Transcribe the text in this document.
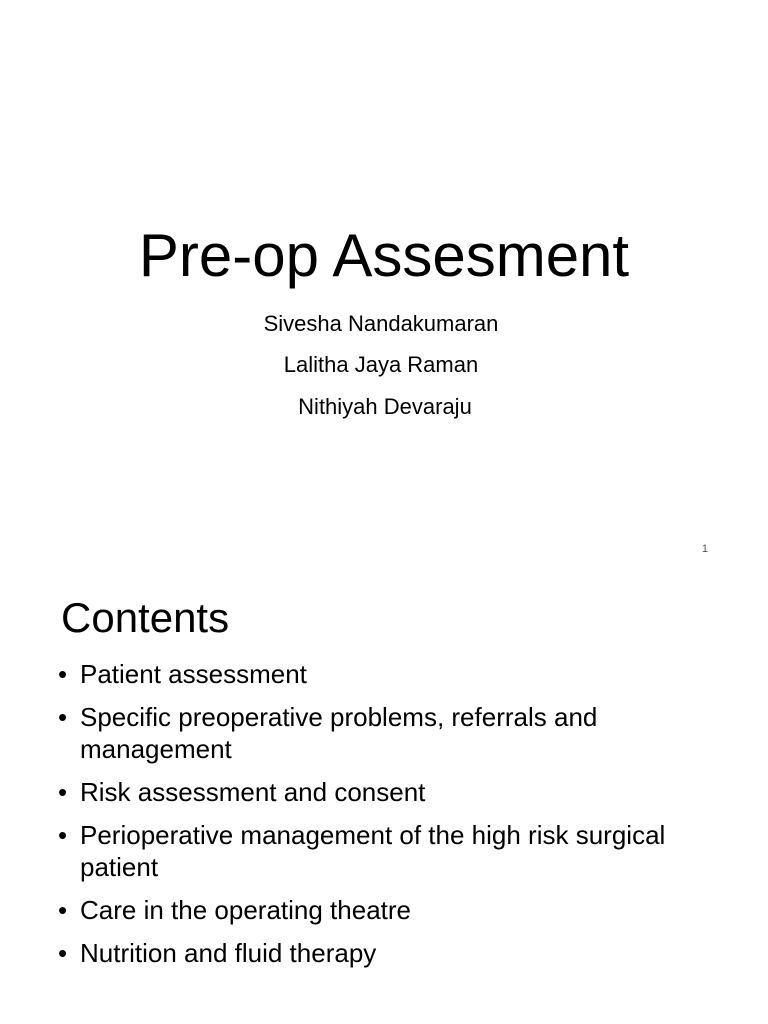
Pre-op Assesment
Sivesha Nandakumaran
Lalitha Jaya Raman
Nithiyah Devaraju
1
Contents
• Patient assessment
• Specific preoperative problems, referrals and management
• Risk assessment and consent
• Perioperative management of the high risk surgical patient
• Care in the operating theatre
• Nutrition and fluid therapy
